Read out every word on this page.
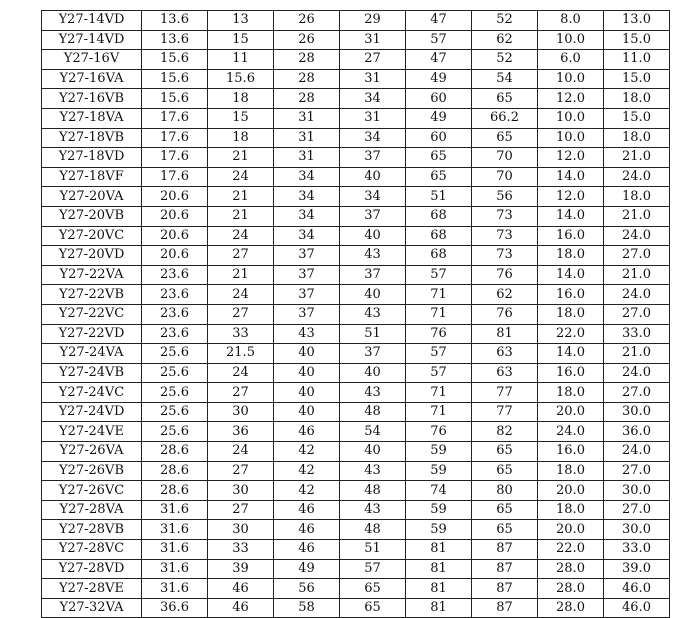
Y27-14VD	13.6	13	26	29	47	52	8.0	13.0
Y27-14VD	13.6	15	26	31	57	62	10.0	15.0
Y27-16V	15.6	11	28	27	47	52	6.0	11.0
Y27-16VA	15.6	15.6	28	31	49	54	10.0	15.0
Y27-16VB	15.6	18	28	34	60	65	12.0	18.0
Y27-18VA	17.6	15	31	31	49	66.2	10.0	15.0
Y27-18VB	17.6	18	31	34	60	65	10.0	18.0
Y27-18VD	17.6	21	31	37	65	70	12.0	21.0
Y27-18VF	17.6	24	34	40	65	70	14.0	24.0
Y27-20VA	20.6	21	34	34	51	56	12.0	18.0
Y27-20VB	20.6	21	34	37	68	73	14.0	21.0
Y27-20VC	20.6	24	34	40	68	73	16.0	24.0
Y27-20VD	20.6	27	37	43	68	73	18.0	27.0
Y27-22VA	23.6	21	37	37	57	76	14.0	21.0
Y27-22VB	23.6	24	37	40	71	62	16.0	24.0
Y27-22VC	23.6	27	37	43	71	76	18.0	27.0
Y27-22VD	23.6	33	43	51	76	81	22.0	33.0
Y27-24VA	25.6	21.5	40	37	57	63	14.0	21.0
Y27-24VB	25.6	24	40	40	57	63	16.0	24.0
Y27-24VC	25.6	27	40	43	71	77	18.0	27.0
Y27-24VD	25.6	30	40	48	71	77	20.0	30.0
Y27-24VE	25.6	36	46	54	76	82	24.0	36.0
Y27-26VA	28.6	24	42	40	59	65	16.0	24.0
Y27-26VB	28.6	27	42	43	59	65	18.0	27.0
Y27-26VC	28.6	30	42	48	74	80	20.0	30.0
Y27-28VA	31.6	27	46	43	59	65	18.0	27.0
Y27-28VB	31.6	30	46	48	59	65	20.0	30.0
Y27-28VC	31.6	33	46	51	81	87	22.0	33.0
Y27-28VD	31.6	39	49	57	81	87	28.0	39.0
Y27-28VE	31.6	46	56	65	81	87	28.0	46.0
Y27-32VA	36.6	46	58	65	81	87	28.0	46.0
